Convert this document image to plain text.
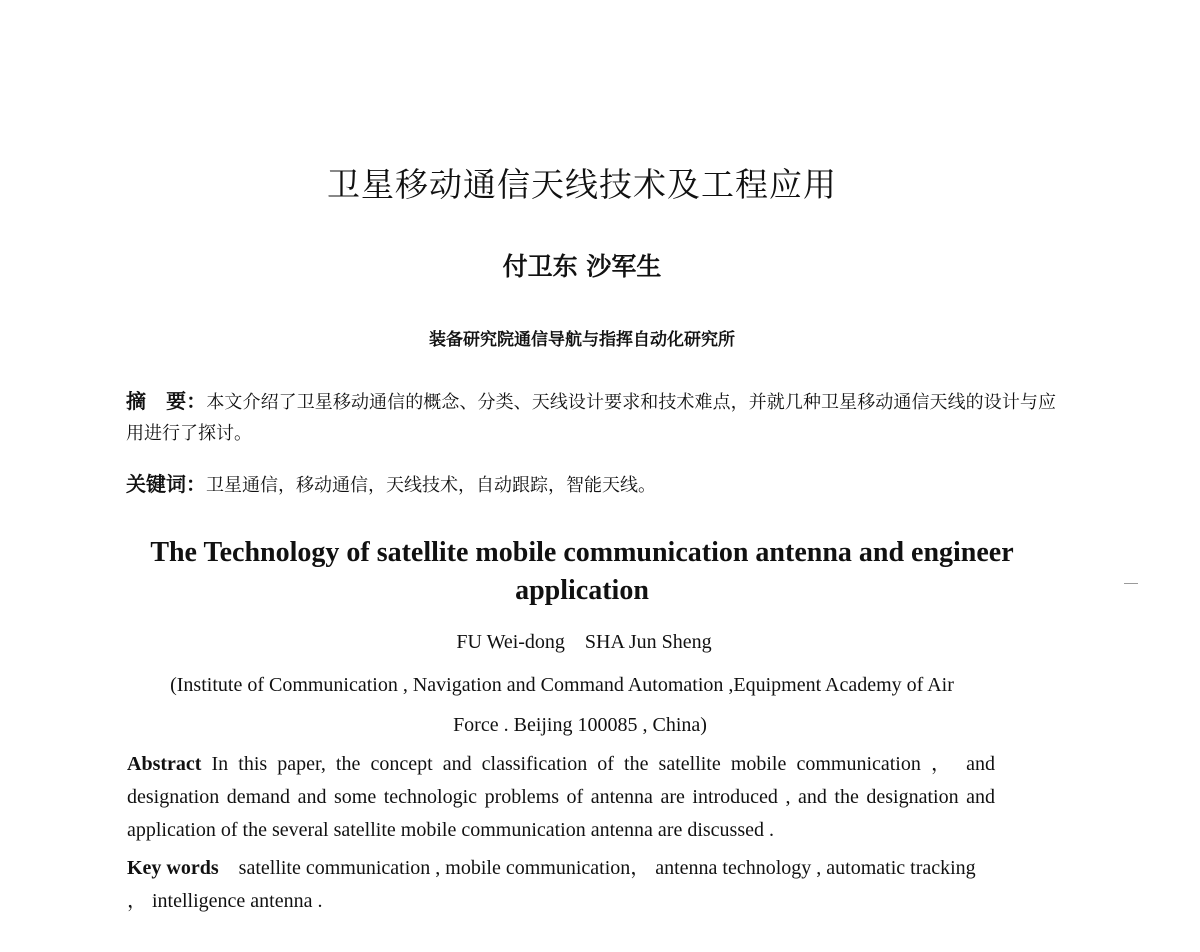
卫星移动通信天线技术及工程应用
付卫东 沙军生
装备研究院通信导航与指挥自动化研究所
摘　要：本文介绍了卫星移动通信的概念、分类、天线设计要求和技术难点，并就几种卫星移动通信天线的设计与应用进行了探讨。
关键词：卫星通信，移动通信，天线技术，自动跟踪，智能天线。
The Technology of satellite mobile communication antenna and engineer
application
FU Wei-dong    SHA Jun Sheng
(Institute of Communication , Navigation and Command Automation ,Equipment Academy of Air
Force . Beijing 100085 , China)
Abstract In this paper, the concept and classification of the satellite mobile communication ， and designation demand and some technologic problems of antenna are introduced , and the designation and application of the several satellite mobile communication antenna are discussed .
Key words    satellite communication , mobile communication， antenna technology , automatic tracking ， intelligence antenna .
